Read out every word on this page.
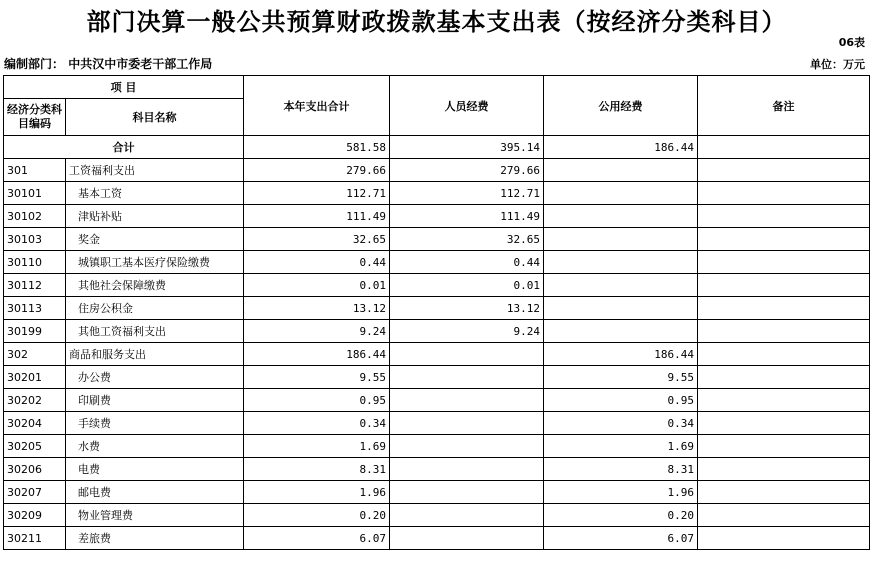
部门决算一般公共预算财政拨款基本支出表（按经济分类科目）
06表
编制部门： 中共汉中市委老干部工作局	单位：万元
项 目		本年支出合计	人员经费	公用经费	备注
经济分类科目编码	科目名称				
合计		581.58	395.14	186.44	
301	工资福利支出	279.66	279.66		
30101	基本工资	112.71	112.71		
30102	津贴补贴	111.49	111.49		
30103	奖金	32.65	32.65		
30110	城镇职工基本医疗保险缴费	0.44	0.44		
30112	其他社会保障缴费	0.01	0.01		
30113	住房公积金	13.12	13.12		
30199	其他工资福利支出	9.24	9.24		
302	商品和服务支出	186.44		186.44	
30201	办公费	9.55		9.55	
30202	印刷费	0.95		0.95	
30204	手续费	0.34		0.34	
30205	水费	1.69		1.69	
30206	电费	8.31		8.31	
30207	邮电费	1.96		1.96	
30209	物业管理费	0.20		0.20	
30211	差旅费	6.07		6.07	
